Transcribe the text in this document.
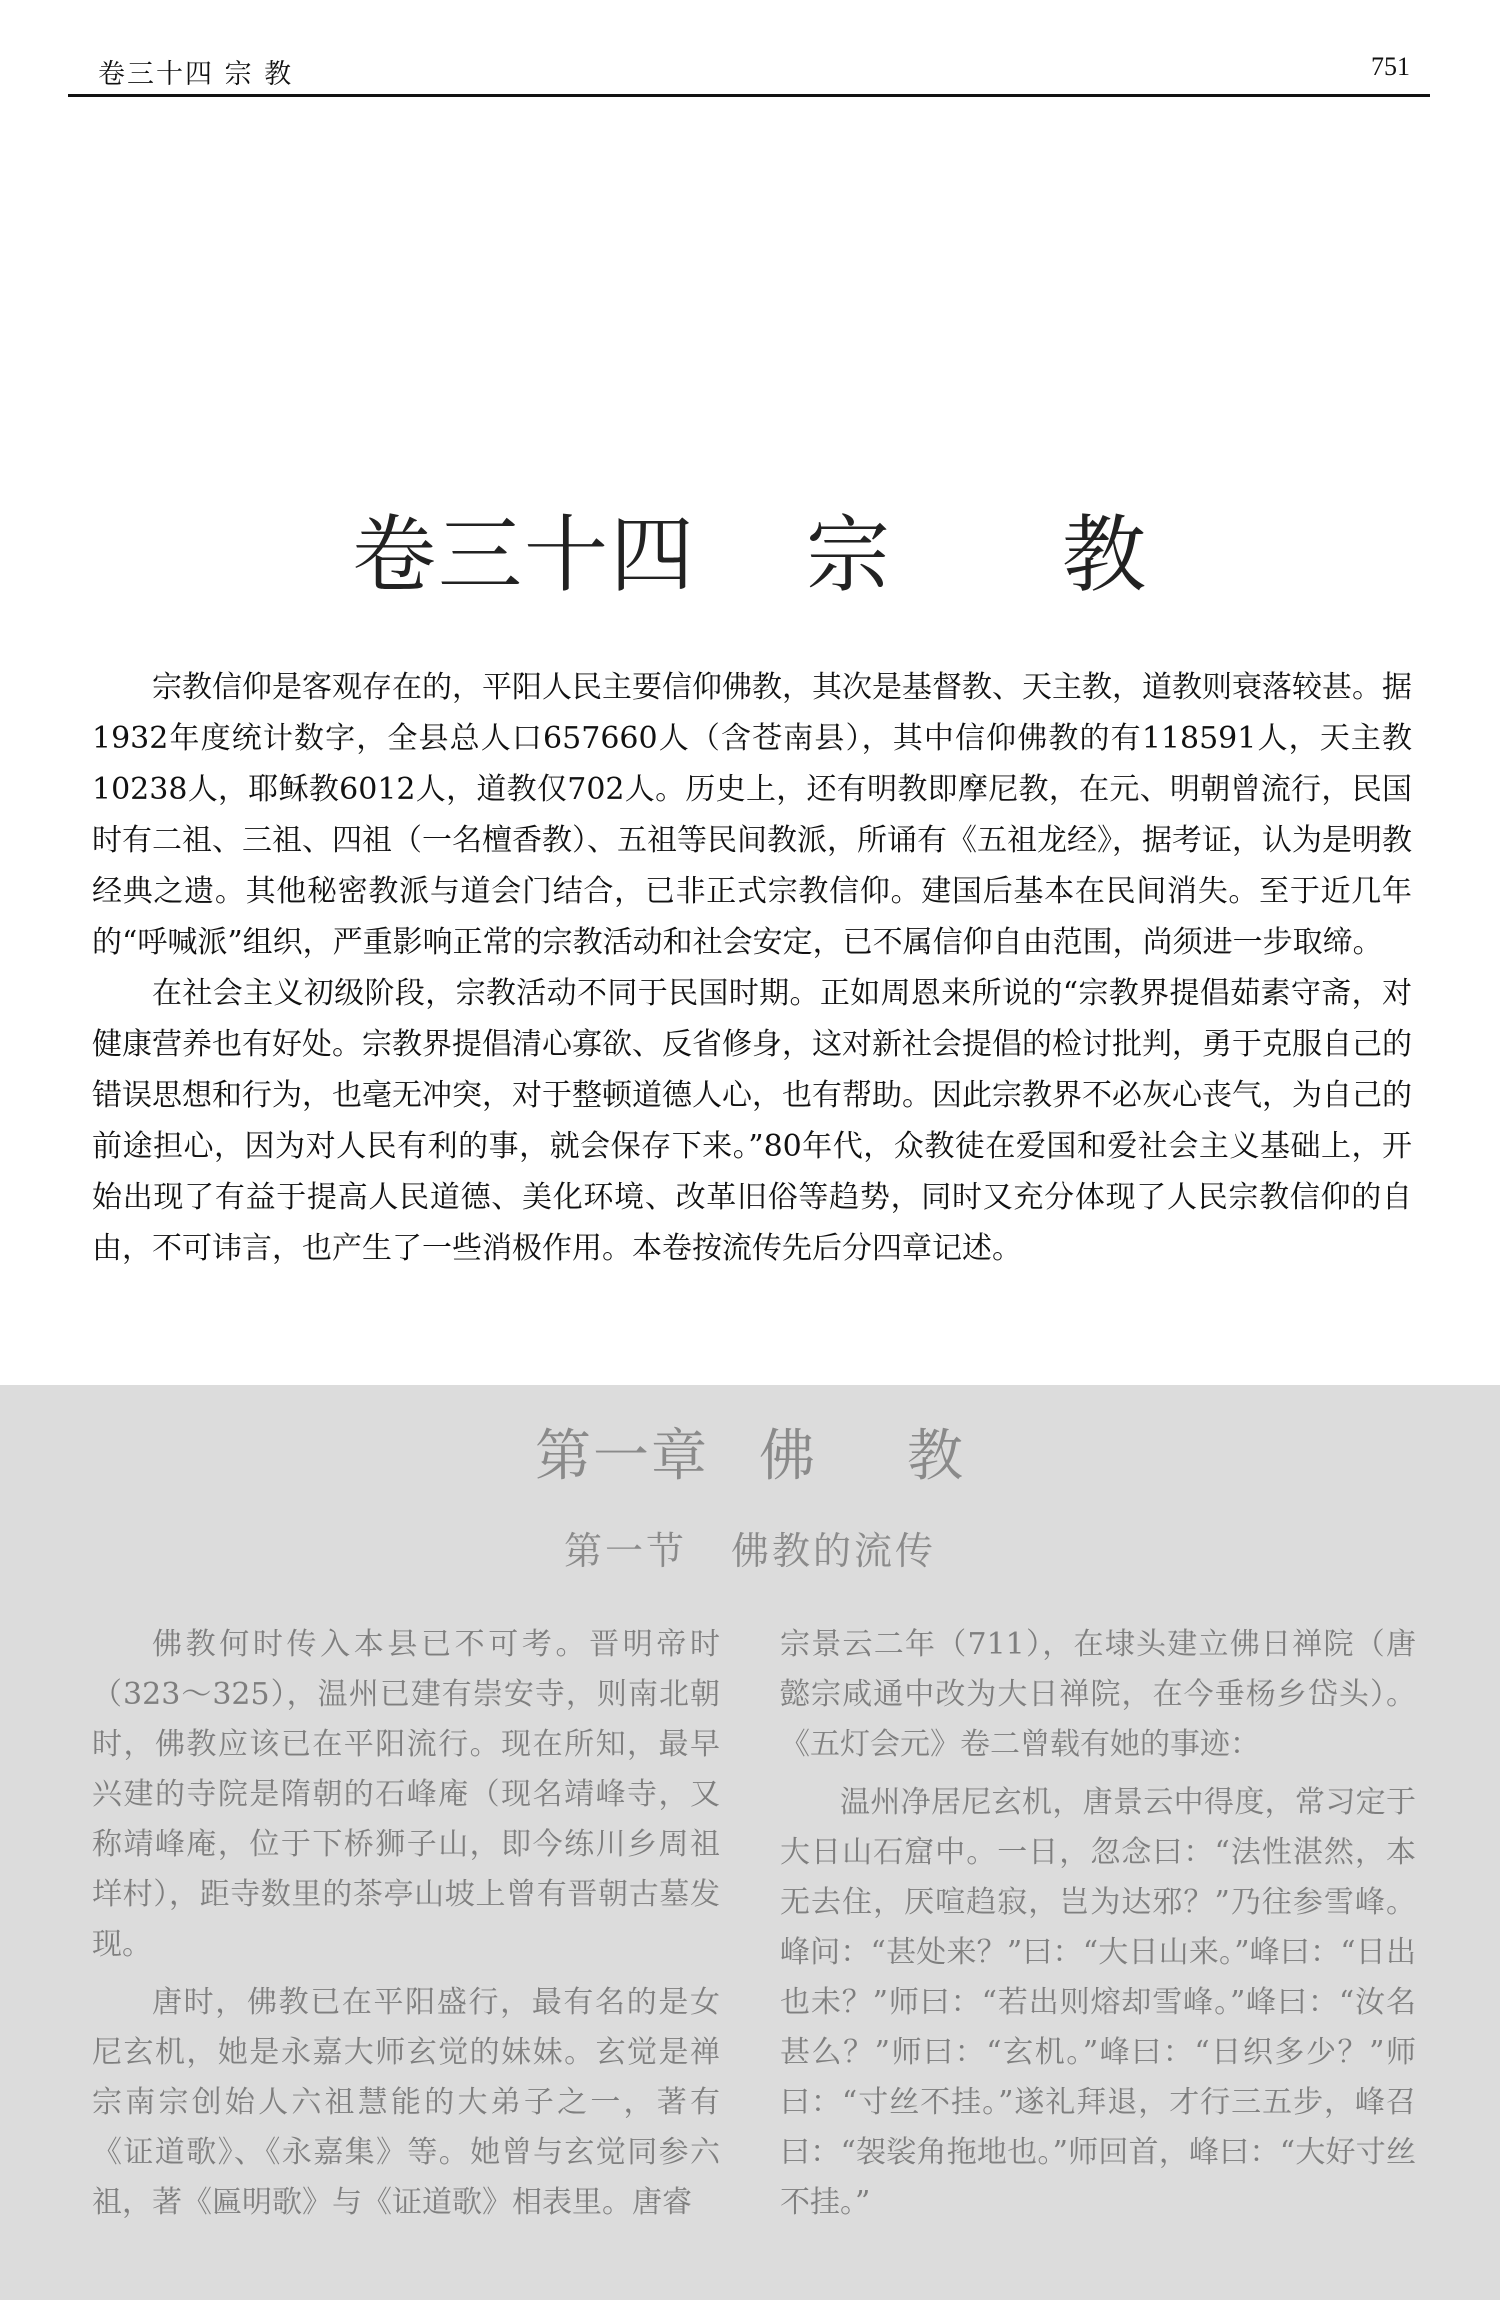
卷三十四 宗 教	751
卷三十四 宗 教

宗教信仰是客观存在的，平阳人民主要信仰佛教，其次是基督教、天主教，道教则衰落较甚。据1932年度统计数字，全县总人口657660人（含苍南县），其中信仰佛教的有118591人，天主教10238人，耶稣教6012人，道教仅702人。历史上，还有明教即摩尼教，在元、明朝曾流行，民国时有二祖、三祖、四祖（一名檀香教）、五祖等民间教派，所诵有《五祖龙经》，据考证，认为是明教经典之遗。其他秘密教派与道会门结合，已非正式宗教信仰。建国后基本在民间消失。至于近几年的“呼喊派”组织，严重影响正常的宗教活动和社会安定，已不属信仰自由范围，尚须进一步取缔。

在社会主义初级阶段，宗教活动不同于民国时期。正如周恩来所说的“宗教界提倡茹素守斋，对健康营养也有好处。宗教界提倡清心寡欲、反省修身，这对新社会提倡的检讨批判，勇于克服自己的错误思想和行为，也毫无冲突，对于整顿道德人心，也有帮助。因此宗教界不必灰心丧气，为自己的前途担心，因为对人民有利的事，就会保存下来。”80年代，众教徒在爱国和爱社会主义基础上，开始出现了有益于提高人民道德、美化环境、改革旧俗等趋势，同时又充分体现了人民宗教信仰的自由，不可讳言，也产生了一些消极作用。本卷按流传先后分四章记述。

第一章 佛 教
第一节 佛教的流传

佛教何时传入本县已不可考。晋明帝时（323～325），温州已建有崇安寺，则南北朝时，佛教应该已在平阳流行。现在所知，最早兴建的寺院是隋朝的石峰庵（现名靖峰寺，又称靖峰庵，位于下桥狮子山，即今练川乡周祖垟村），距寺数里的茶亭山坡上曾有晋朝古墓发现。

唐时，佛教已在平阳盛行，最有名的是女尼玄机，她是永嘉大师玄觉的妹妹。玄觉是禅宗南宗创始人六祖慧能的大弟子之一，著有《证道歌》、《永嘉集》等。她曾与玄觉同参六祖，著《匾明歌》与《证道歌》相表里。唐睿

宗景云二年（711），在埭头建立佛日禅院（唐懿宗咸通中改为大日禅院，在今垂杨乡岱头）。《五灯会元》卷二曾载有她的事迹：

温州净居尼玄机，唐景云中得度，常习定于大日山石窟中。一日，忽念曰：“法性湛然，本无去住，厌喧趋寂，岂为达邪？”乃往参雪峰。峰问：“甚处来？”曰：“大日山来。”峰曰：“日出也未？”师曰：“若出则熔却雪峰。”峰曰：“汝名甚么？”师曰：“玄机。”峰曰：“日织多少？”师曰：“寸丝不挂。”遂礼拜退，才行三五步，峰召曰：“袈裟角拖地也。”师回首，峰曰：“大好寸丝不挂。”
